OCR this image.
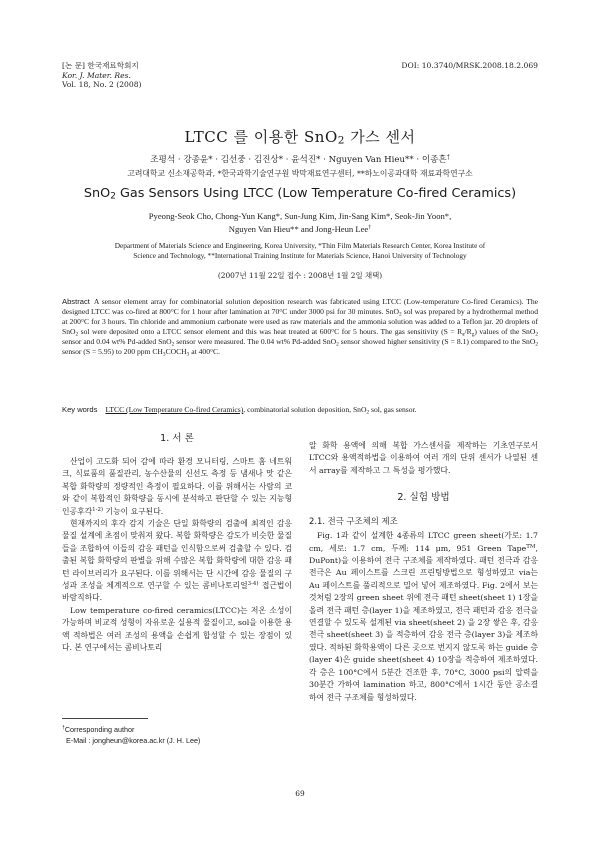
[논 문] 한국재료학회지
Kor. J. Mater. Res.
Vol. 18, No. 2 (2008)
DOI: 10.3740/MRSK.2008.18.2.069
LTCC 를 이용한 SnO$_2$ 가스 센서
조평석 · 강종윤* · 김선중 · 김진상* · 윤석진* · Nguyen Van Hieu** · 이종흔†
고려대학교 신소재공학과, *한국과학기술연구원 박막재료연구센터, **하노이공과대학 재료과학연구소
SnO$_2$ Gas Sensors Using LTCC (Low Temperature Co-fired Ceramics)
Pyeong-Seok Cho, Chong-Yun Kang*, Sun-Jung Kim, Jin-Sang Kim*, Seok-Jin Yoon*,
Nguyen Van Hieu** and Jong-Heun Lee†
Department of Materials Science and Engineering, Korea University, *Thin Film Materials Research Center, Korea Institute of
Science and Technology, **International Training Institute for Materials Science, Hanoi University of Technology
(2007년 11월 22일 접수 : 2008년 1월 2일 채택)
Abstract A sensor element array for combinatorial solution deposition research was fabricated using LTCC (Low-temperature Co-fired Ceramics). The designed LTCC was co-fired at 800°C for 1 hour after lamination at 70°C under 3000 psi for 30 minutes. SnO$_2$ sol was prepared by a hydrothermal method at 200°C for 3 hours. Tin chloride and ammonium carbonate were used as raw materials and the ammonia solution was added to a Teflon jar. 20 droplets of SnO$_2$ sol were deposited onto a LTCC sensor element and this was heat treated at 600°C for 5 hours. The gas sensitivity $(S = R_a/R_g)$ values of the SnO$_2$ sensor and 0.04 wt% Pd-added SnO$_2$ sensor were measured. The 0.04 wt% Pd-added SnO$_2$ sensor showed higher sensitivity (S = 8.1) compared to the SnO$_2$ sensor (S = 5.95) to 200 ppm $CH_3COCH_3$ at 400°C.
Key words LTCC (Low Temperature Co-fired Ceramics), combinatorial solution deposition, SnO$_2$ sol, gas sensor.
1. 서 론
산업이 고도화 되어 감에 따라 환경 모니터링, 스마트 홈 네트워크, 식료품의 품질관리, 농수산물의 신선도 측정 등 냄새나 맛 같은 복합 화학량의 정량적인 측정이 필요하다. 이를 위해서는 사람의 코와 같이 복합적인 화학량을 동시에 분석하고 판단할 수 있는 지능형 인공후각$^{1-2)}$ 기능이 요구된다.
현재까지의 후각 감지 기술은 단일 화학량의 검출에 최적인 감응 물질 설계에 초점이 맞춰져 왔다. 복합 화학량은 감도가 비슷한 물질들을 조합하여 이들의 감응 패턴을 인식함으로써 검출할 수 있다. 검출된 복합 화학량의 판별을 위해 수많은 복합 화학량에 대한 감응 패턴 라이브러리가 요구된다. 이를 위해서는 단 시간에 감응 물질의 구성과 조성을 체계적으로 연구할 수 있는 콤비나토리얼$^{3-4)}$ 접근법이 바람직하다.
Low temperature co-fired ceramics(LTCC)는 저온 소성이 가능하며 비교적 성형이 자유로운 실용적 물질이고, sol을 이용한 용액 적하법은 여러 조성의 용액을 손쉽게 합성할 수 있는 장점이 있다. 본 연구에서는 콤비나토리
†Corresponding author
E-Mail : jongheun@korea.ac.kr (J. H. Lee)
알 화학 용액에 의해 복합 가스센서를 제작하는 기초연구로서 LTCC와 용액적하법을 이용하여 여러 개의 단위 센서가 나열된 센서 array를 제작하고 그 특성을 평가했다.
2. 실험 방법
2.1. 전극 구조체의 제조
Fig. 1과 같이 설계한 4종류의 LTCC green sheet(가로: 1.7 cm, 세로: 1.7 cm, 두께: 114 μm, 951 Green Tape™, DuPont)을 이용하여 전극 구조체를 제작하였다. 패턴 전극과 감응 전극은 Au 페이스트를 스크린 프린팅방법으로 형성하였고 via는 Au 페이스트를 풀리적으로 밀어 넣어 제조하였다. Fig. 2에서 보는 것처럼 2장의 green sheet 위에 전극 패턴 sheet(sheet 1) 1장을 올려 전극 패턴 층(layer 1)을 제조하였고, 전극 패턴과 감응 전극을 연결할 수 있도록 설계된 via sheet(sheet 2) 을 2장 쌓은 후, 감응 전극 sheet(sheet 3) 을 적층하여 감응 전극 층(layer 3)을 제조하였다. 적하된 화학용액이 다른 곳으로 번지지 않도록 하는 guide 층(layer 4)은 guide sheet(sheet 4) 10장을 적층하여 제조하였다. 각 층은 100°C에서 5분간 건조한 후, 70°C, 3000 psi의 압력을 30분간 가하여 lamination 하고, 800°C에서 1시간 동안 공소결하여 전극 구조체를 형성하였다.
69
